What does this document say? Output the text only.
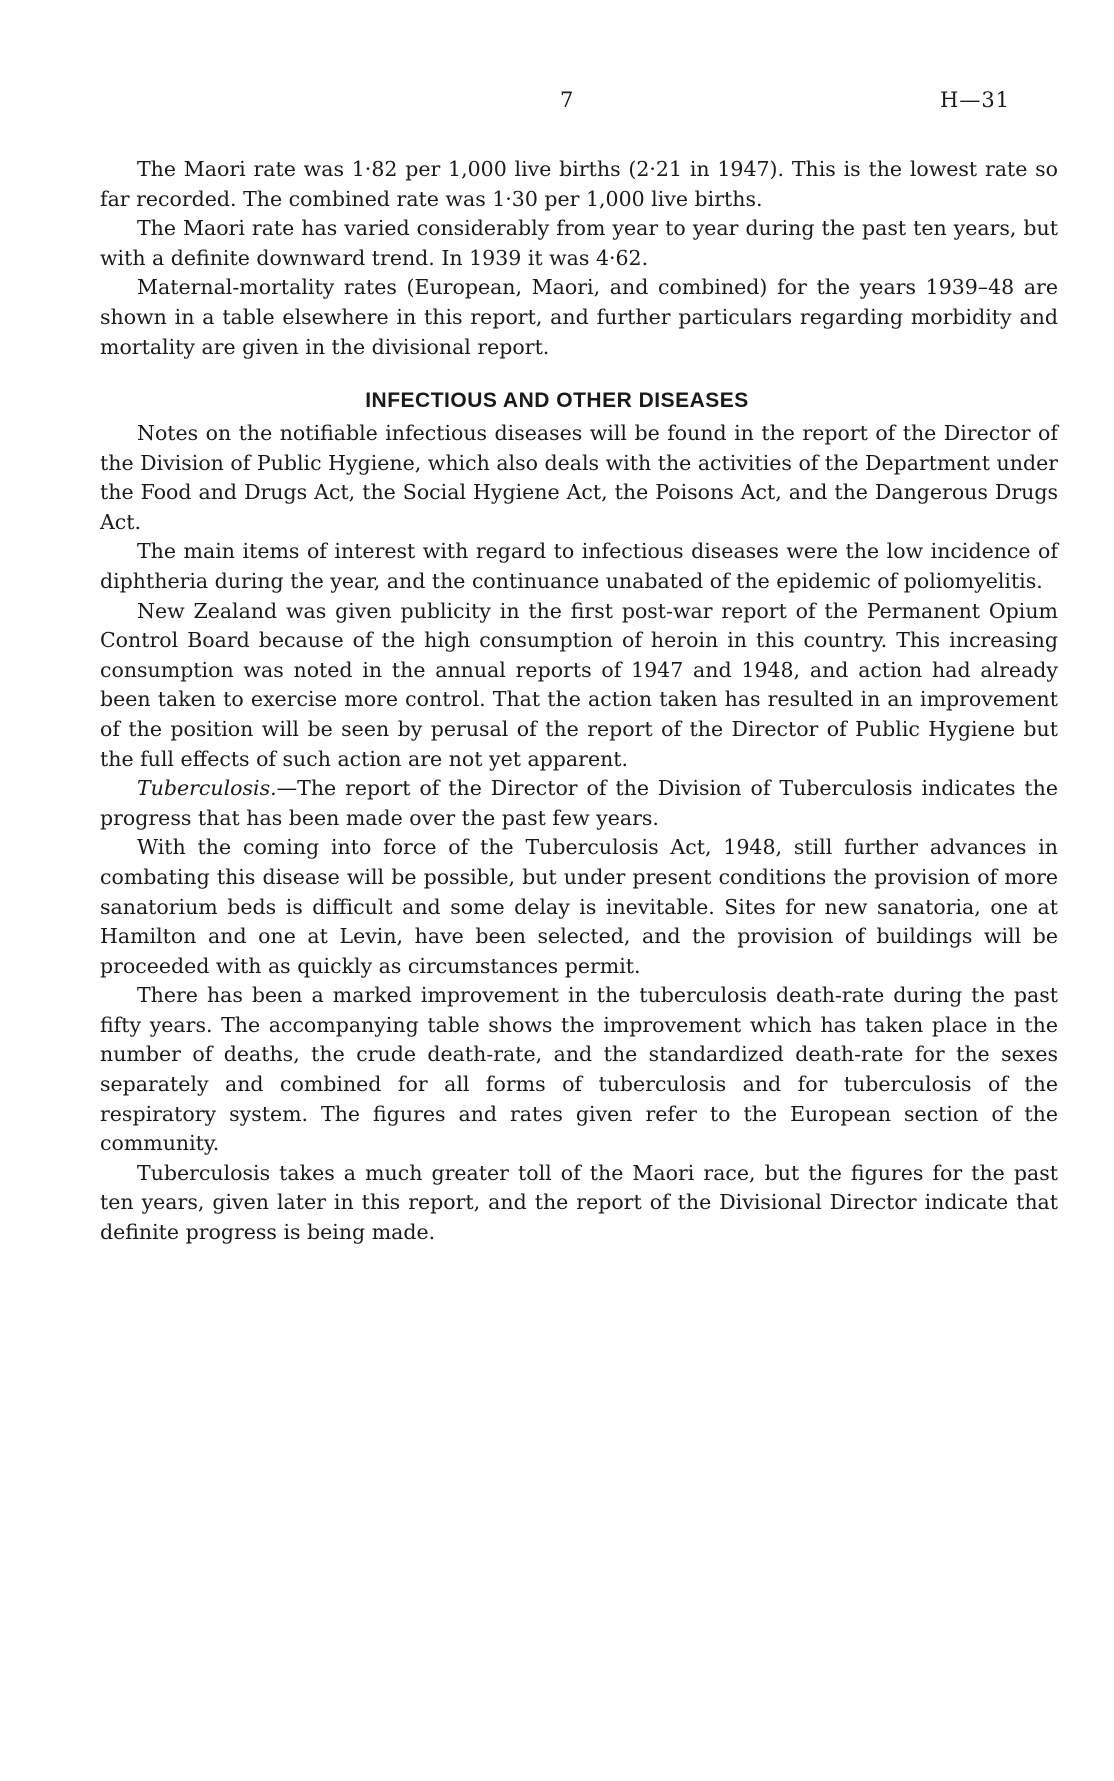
7	H—31

The Maori rate was 1·82 per 1,000 live births (2·21 in 1947). This is the lowest rate so far recorded. The combined rate was 1·30 per 1,000 live births.

The Maori rate has varied considerably from year to year during the past ten years, but with a definite downward trend. In 1939 it was 4·62.

Maternal-mortality rates (European, Maori, and combined) for the years 1939–48 are shown in a table elsewhere in this report, and further particulars regarding morbidity and mortality are given in the divisional report.

INFECTIOUS AND OTHER DISEASES

Notes on the notifiable infectious diseases will be found in the report of the Director of the Division of Public Hygiene, which also deals with the activities of the Department under the Food and Drugs Act, the Social Hygiene Act, the Poisons Act, and the Dangerous Drugs Act.

The main items of interest with regard to infectious diseases were the low incidence of diphtheria during the year, and the continuance unabated of the epidemic of poliomyelitis.

New Zealand was given publicity in the first post-war report of the Permanent Opium Control Board because of the high consumption of heroin in this country. This increasing consumption was noted in the annual reports of 1947 and 1948, and action had already been taken to exercise more control. That the action taken has resulted in an improvement of the position will be seen by perusal of the report of the Director of Public Hygiene but the full effects of such action are not yet apparent.

Tuberculosis.—The report of the Director of the Division of Tuberculosis indicates the progress that has been made over the past few years.

With the coming into force of the Tuberculosis Act, 1948, still further advances in combating this disease will be possible, but under present conditions the provision of more sanatorium beds is difficult and some delay is inevitable. Sites for new sanatoria, one at Hamilton and one at Levin, have been selected, and the provision of buildings will be proceeded with as quickly as circumstances permit.

There has been a marked improvement in the tuberculosis death-rate during the past fifty years. The accompanying table shows the improvement which has taken place in the number of deaths, the crude death-rate, and the standardized death-rate for the sexes separately and combined for all forms of tuberculosis and for tuberculosis of the respiratory system. The figures and rates given refer to the European section of the community.

Tuberculosis takes a much greater toll of the Maori race, but the figures for the past ten years, given later in this report, and the report of the Divisional Director indicate that definite progress is being made.
